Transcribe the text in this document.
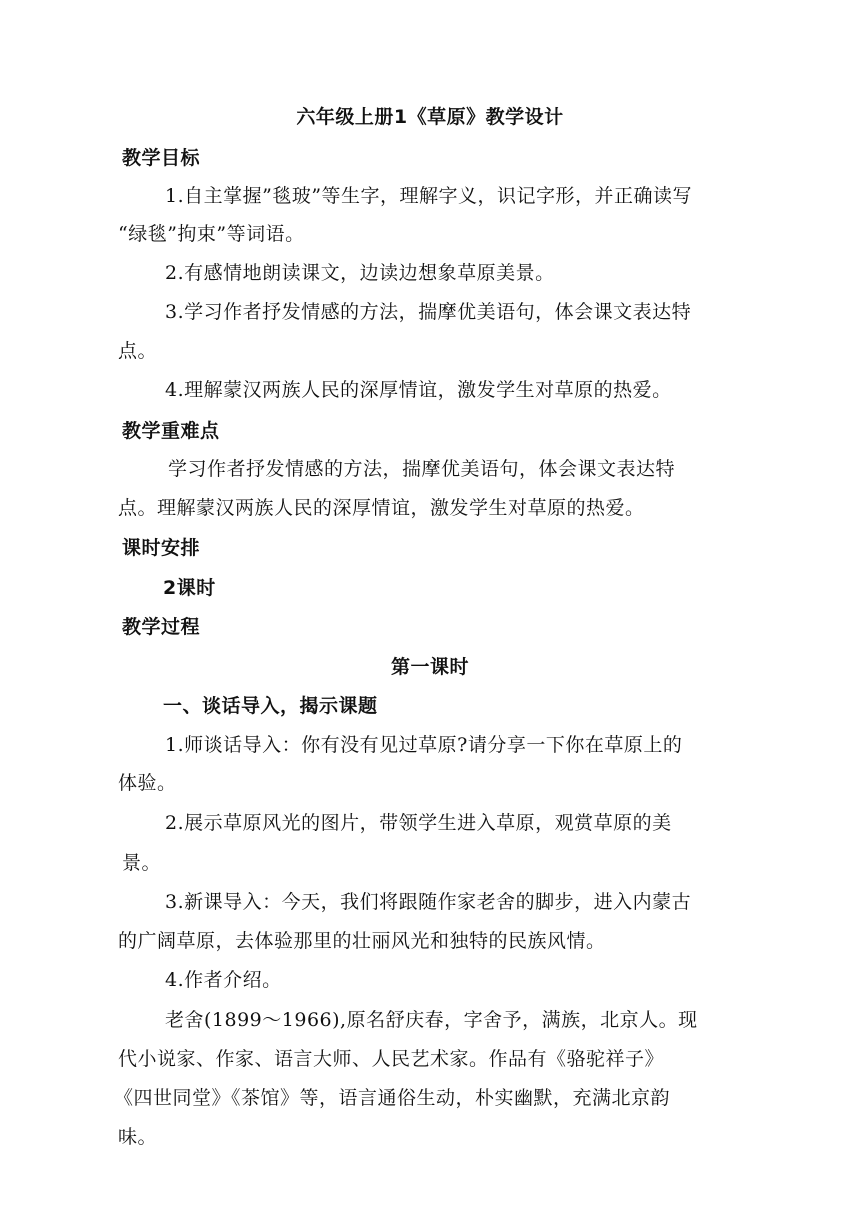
六年级上册1《草原》教学设计
教学目标
1.自主掌握”毯玻”等生字，理解字义，识记字形，并正确读写
“绿毯”拘束”等词语。
2.有感情地朗读课文，边读边想象草原美景。
3.学习作者抒发情感的方法，揣摩优美语句，体会课文表达特
点。
4.理解蒙汉两族人民的深厚情谊，激发学生对草原的热爱。
教学重难点
学习作者抒发情感的方法，揣摩优美语句，体会课文表达特
点。理解蒙汉两族人民的深厚情谊，激发学生对草原的热爱。
课时安排
2课时
教学过程
第一课时
一、谈话导入，揭示课题
1.师谈话导入：你有没有见过草原?请分享一下你在草原上的
体验。
2.展示草原风光的图片，带领学生进入草原，观赏草原的美
景。
3.新课导入：今天，我们将跟随作家老舍的脚步，进入内蒙古
的广阔草原，去体验那里的壮丽风光和独特的民族风情。
4.作者介绍。
老舍(1899～1966),原名舒庆春，字舍予，满族，北京人。现
代小说家、作家、语言大师、人民艺术家。作品有《骆驼祥子》
《四世同堂》《茶馆》等，语言通俗生动，朴实幽默，充满北京韵
味。
